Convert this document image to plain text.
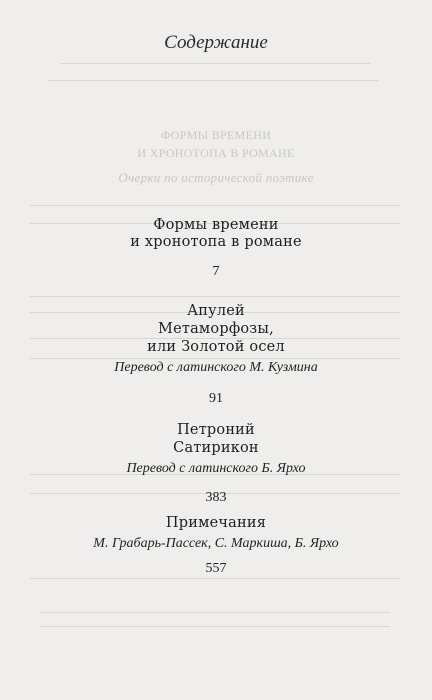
ФОРМЫ ВРЕМЕНИ
И ХРОНОТОПА В РОМАНЕ
Очерки по исторической поэтике
Содержание
Формы времени
и хронотопа в романе
7
Апулей
Метаморфозы,
или Золотой осел
Перевод с латинского М. Кузмина
91
Петроний
Сатирикон
Перевод с латинского Б. Ярхо
383
Примечания
М. Грабарь-Пассек, С. Маркиша, Б. Ярхо
557
